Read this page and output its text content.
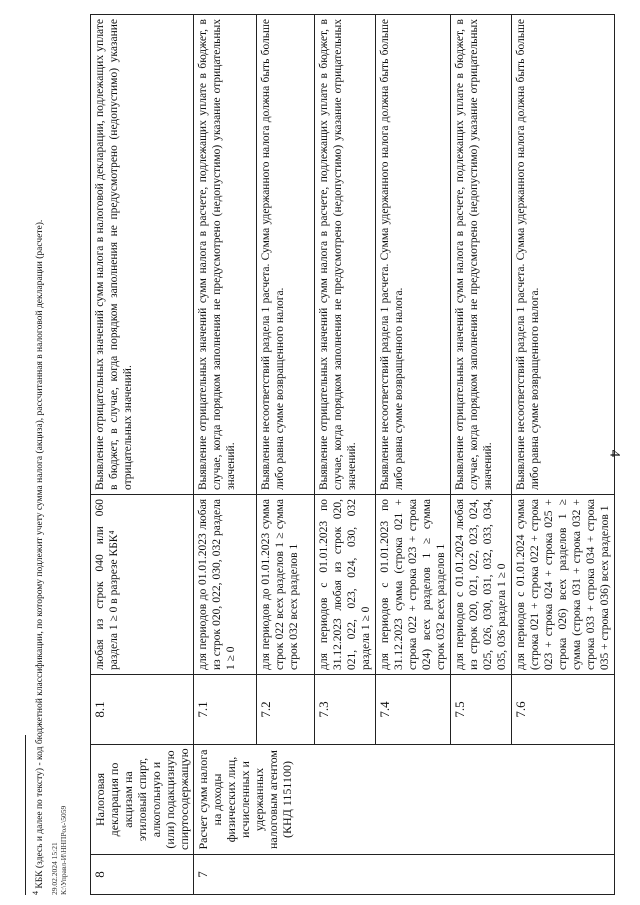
4
$^4$ КБК (здесь и далее по тексту) - код бюджетной классификации, по которому подлежит учету сумма налога (акциза), рассчитанная в налоговой декларации (расчете). 29.02.2024 15:21 К:\Управл-И\ННПРол-\5059 8	Налоговая декларация по акцизам на этиловый спирт, алкогольную и (или) подакцизную спиртосодержащую	8.1	любая из строк 040 или 060 раздела 1 ≥ 0 в разрезе КБК⁴	Выявление отрицательных значений сумм налога в налоговой декларации, подлежащих уплате в бюджет, в случае, когда порядком заполнения не предусмотрено (недопустимо) указание отрицательных значений.
7	Расчет сумм налога на доходы физических лиц, исчисленных и удержанных налоговым агентом (КНД 1151100)	7.1	для периодов до 01.01.2023 любая из строк 020, 022, 030, 032 раздела 1 ≥ 0	Выявление отрицательных значений сумм налога в расчете, подлежащих уплате в бюджет, в случае, когда порядком заполнения не предусмотрено (недопустимо) указание отрицательных значений.
		7.2	для периодов до 01.01.2023 сумма строк 022 всех разделов 1 ≥ сумма строк 032 всех разделов 1	Выявление несоответствий раздела 1 расчета. Сумма удержанного налога должна быть больше либо равна сумме возвращенного налога.
		7.3	для периодов с 01.01.2023 по 31.12.2023 любая из строк 020, 021, 022, 023, 024, 030, 032 раздела 1 ≥ 0	Выявление отрицательных значений сумм налога в расчете, подлежащих уплате в бюджет, в случае, когда порядком заполнения не предусмотрено (недопустимо) указание отрицательных значений.
		7.4	для периодов с 01.01.2023 по 31.12.2023 сумма (строка 021 + строка 022 + строка 023 + строка 024) всех разделов 1 ≥ сумма строк 032 всех разделов 1	Выявление несоответствий раздела 1 расчета. Сумма удержанного налога должна быть больше либо равна сумме возвращенного налога.
		7.5	для периодов с 01.01.2024 любая из строк 020, 021, 022, 023, 024, 025, 026, 030, 031, 032, 033, 034, 035, 036 раздела 1 ≥ 0	Выявление отрицательных значений сумм налога в расчете, подлежащих уплате в бюджет, в случае, когда порядком заполнения не предусмотрено (недопустимо) указание отрицательных значений.
		7.6	для периодов с 01.01.2024 сумма (строка 021 + строка 022 + строка 023 + строка 024 + строка 025 + строка 026) всех разделов 1 ≥ сумма (строка 031 + строка 032 + строка 033 + строка 034 + строка 035 + строка 036) всех разделов 1	Выявление несоответствий раздела 1 расчета. Сумма удержанного налога должна быть больше либо равна сумме возвращенного налога.
